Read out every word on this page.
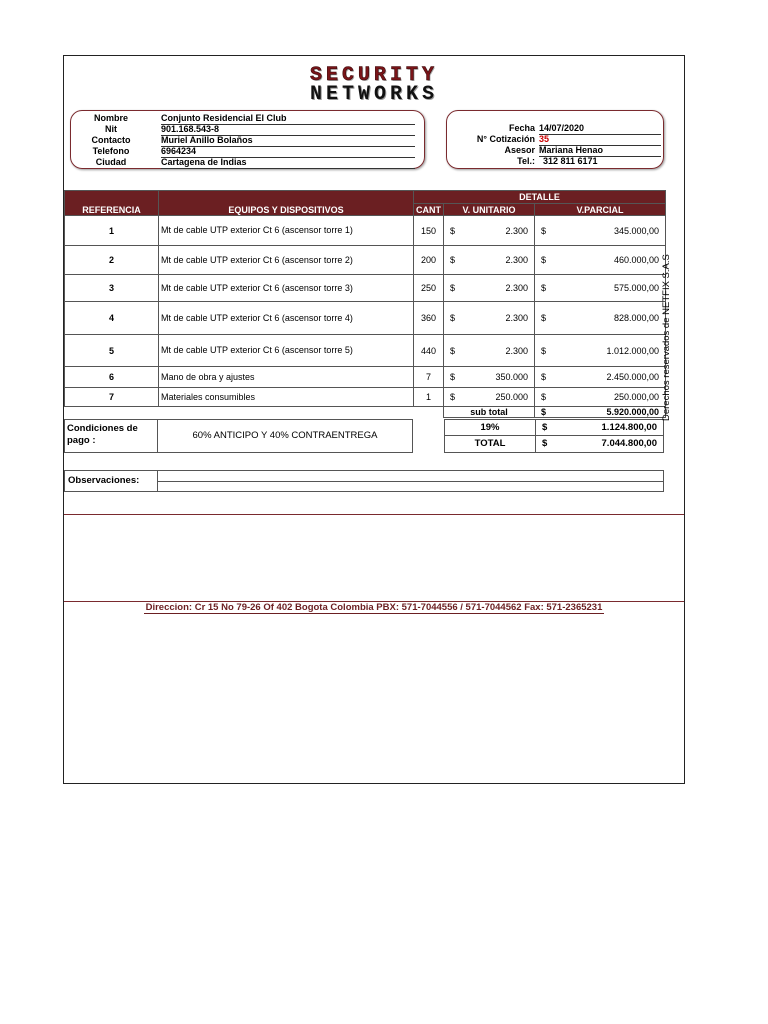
SECURITY
NETWORKS
Nombre	Conjunto Residencial El Club
Nit	901.168.543-8
Contacto	Muriel Anillo Bolaños
Telefono	6964234
Ciudad	Cartagena de Indias
Fecha 14/07/2020
N° Cotización 35
Asesor Mariana Henao
Tel.: 312 811 6171
REFERENCIA	EQUIPOS Y DISPOSITIVOS	DETALLE		
		CANT	V. UNITARIO	V.PARCIAL
1	Mt de cable UTP exterior Ct 6 (ascensor torre 1)	150	$ 2.300	$ 345.000,00

2	Mt de cable UTP exterior Ct 6 (ascensor torre 2)	200	$ 2.300	$ 460.000,00

3	Mt de cable UTP exterior Ct 6 (ascensor torre 3)	250	$ 2.300	$ 575.000,00

4	Mt de cable UTP exterior Ct 6 (ascensor torre 4)	360	$ 2.300	$ 828.000,00

5	Mt de cable UTP exterior Ct 6 (ascensor torre 5)	440	$ 2.300	$ 1.012.000,00

6	Mano de obra y ajustes	7	$ 350.000	$ 2.450.000,00

7	Materiales consumibles	1	$ 250.000	$ 250.000,00

			sub total	$ 5.920.000,00
Condiciones de pago :	60% ANTICIPO Y 40% CONTRAENTREGA
19%	$	1.124.800,00
TOTAL	$	7.044.800,00
Observaciones:
Derechos reservados de NETFIX S.A.S
Direccion: Cr 15 No 79-26 Of 402 Bogota Colombia PBX: 571-7044556 / 571-7044562 Fax: 571-2365231
